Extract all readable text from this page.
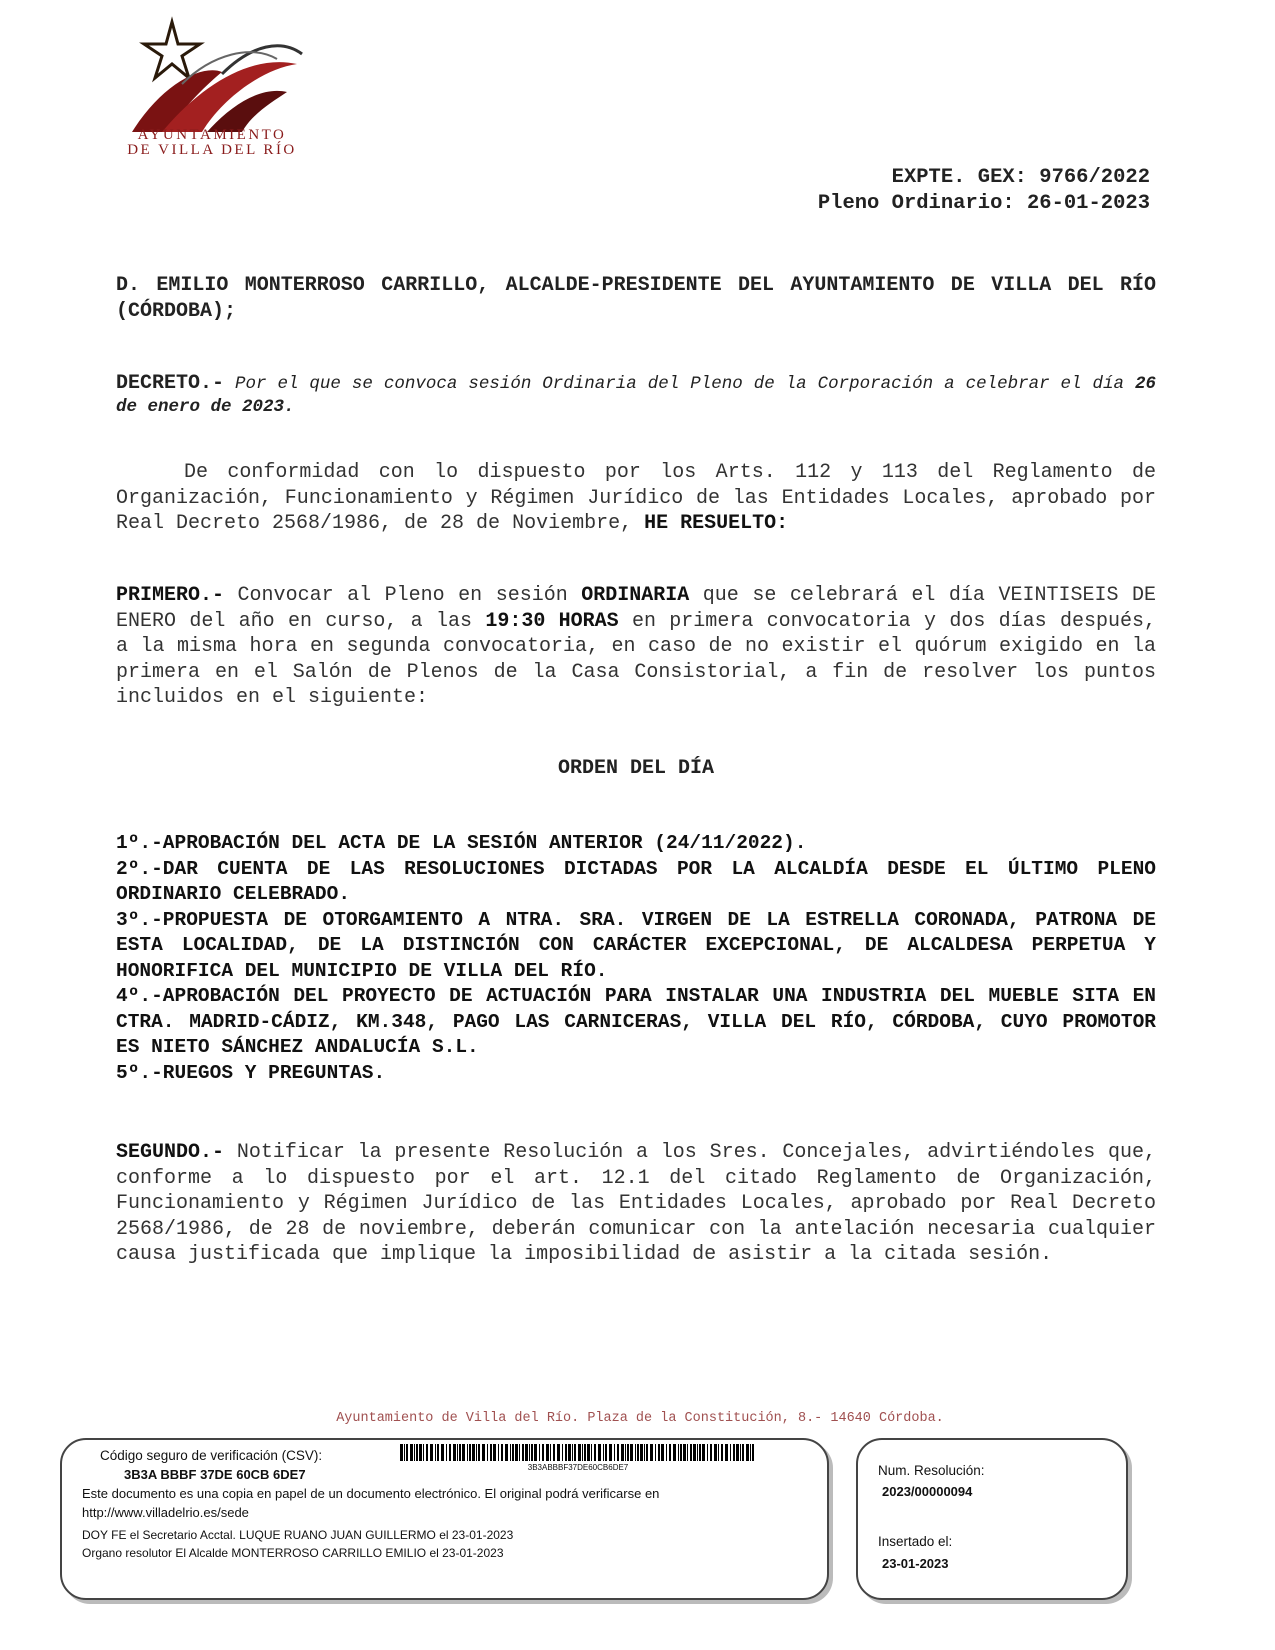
AYUNTAMIENTO
DE VILLA DEL RÍO
EXPTE. GEX: 9766/2022
Pleno Ordinario: 26-01-2023
D. EMILIO MONTERROSO CARRILLO, ALCALDE-PRESIDENTE DEL AYUNTAMIENTO DE VILLA DEL RÍO (CÓRDOBA);
DECRETO.- Por el que se convoca sesión Ordinaria del Pleno de la Corporación a celebrar el día 26 de enero de 2023.
De conformidad con lo dispuesto por los Arts. 112 y 113 del Reglamento de Organización, Funcionamiento y Régimen Jurídico de las Entidades Locales, aprobado por Real Decreto 2568/1986, de 28 de Noviembre, HE RESUELTO:
PRIMERO.- Convocar al Pleno en sesión ORDINARIA que se celebrará el día VEINTISEIS DE ENERO del año en curso, a las 19:30 HORAS en primera convocatoria y dos días después, a la misma hora en segunda convocatoria, en caso de no existir el quórum exigido en la primera en el Salón de Plenos de la Casa Consistorial, a fin de resolver los puntos incluidos en el siguiente:
ORDEN DEL DÍA
1º.-APROBACIÓN DEL ACTA DE LA SESIÓN ANTERIOR (24/11/2022).
2º.-DAR CUENTA DE LAS RESOLUCIONES DICTADAS POR LA ALCALDÍA DESDE EL ÚLTIMO PLENO ORDINARIO CELEBRADO.
3º.-PROPUESTA DE OTORGAMIENTO A NTRA. SRA. VIRGEN DE LA ESTRELLA CORONADA, PATRONA DE ESTA LOCALIDAD, DE LA DISTINCIÓN CON CARÁCTER EXCEPCIONAL, DE ALCALDESA PERPETUA Y HONORIFICA DEL MUNICIPIO DE VILLA DEL RÍO.
4º.-APROBACIÓN DEL PROYECTO DE ACTUACIÓN PARA INSTALAR UNA INDUSTRIA DEL MUEBLE SITA EN CTRA. MADRID-CÁDIZ, KM.348, PAGO LAS CARNICERAS, VILLA DEL RÍO, CÓRDOBA, CUYO PROMOTOR ES NIETO SÁNCHEZ ANDALUCÍA S.L.
5º.-RUEGOS Y PREGUNTAS.
SEGUNDO.- Notificar la presente Resolución a los Sres. Concejales, advirtiéndoles que, conforme a lo dispuesto por el art. 12.1 del citado Reglamento de Organización, Funcionamiento y Régimen Jurídico de las Entidades Locales, aprobado por Real Decreto 2568/1986, de 28 de noviembre, deberán comunicar con la antelación necesaria cualquier causa justificada que implique la imposibilidad de asistir a la citada sesión.
Ayuntamiento de Villa del Río. Plaza de la Constitución, 8.- 14640 Córdoba.
Código seguro de verificación (CSV):
3B3A BBBF 37DE 60CB 6DE7	3B3ABBBF37DE60CB6DE7
Este documento es una copia en papel de un documento electrónico. El original podrá verificarse en
http://www.villadelrio.es/sede
DOY FE el Secretario Acctal. LUQUE RUANO JUAN GUILLERMO el 23-01-2023
Organo resolutor El Alcalde MONTERROSO CARRILLO EMILIO el 23-01-2023
Num. Resolución:
2023/00000094
Insertado el:
23-01-2023
